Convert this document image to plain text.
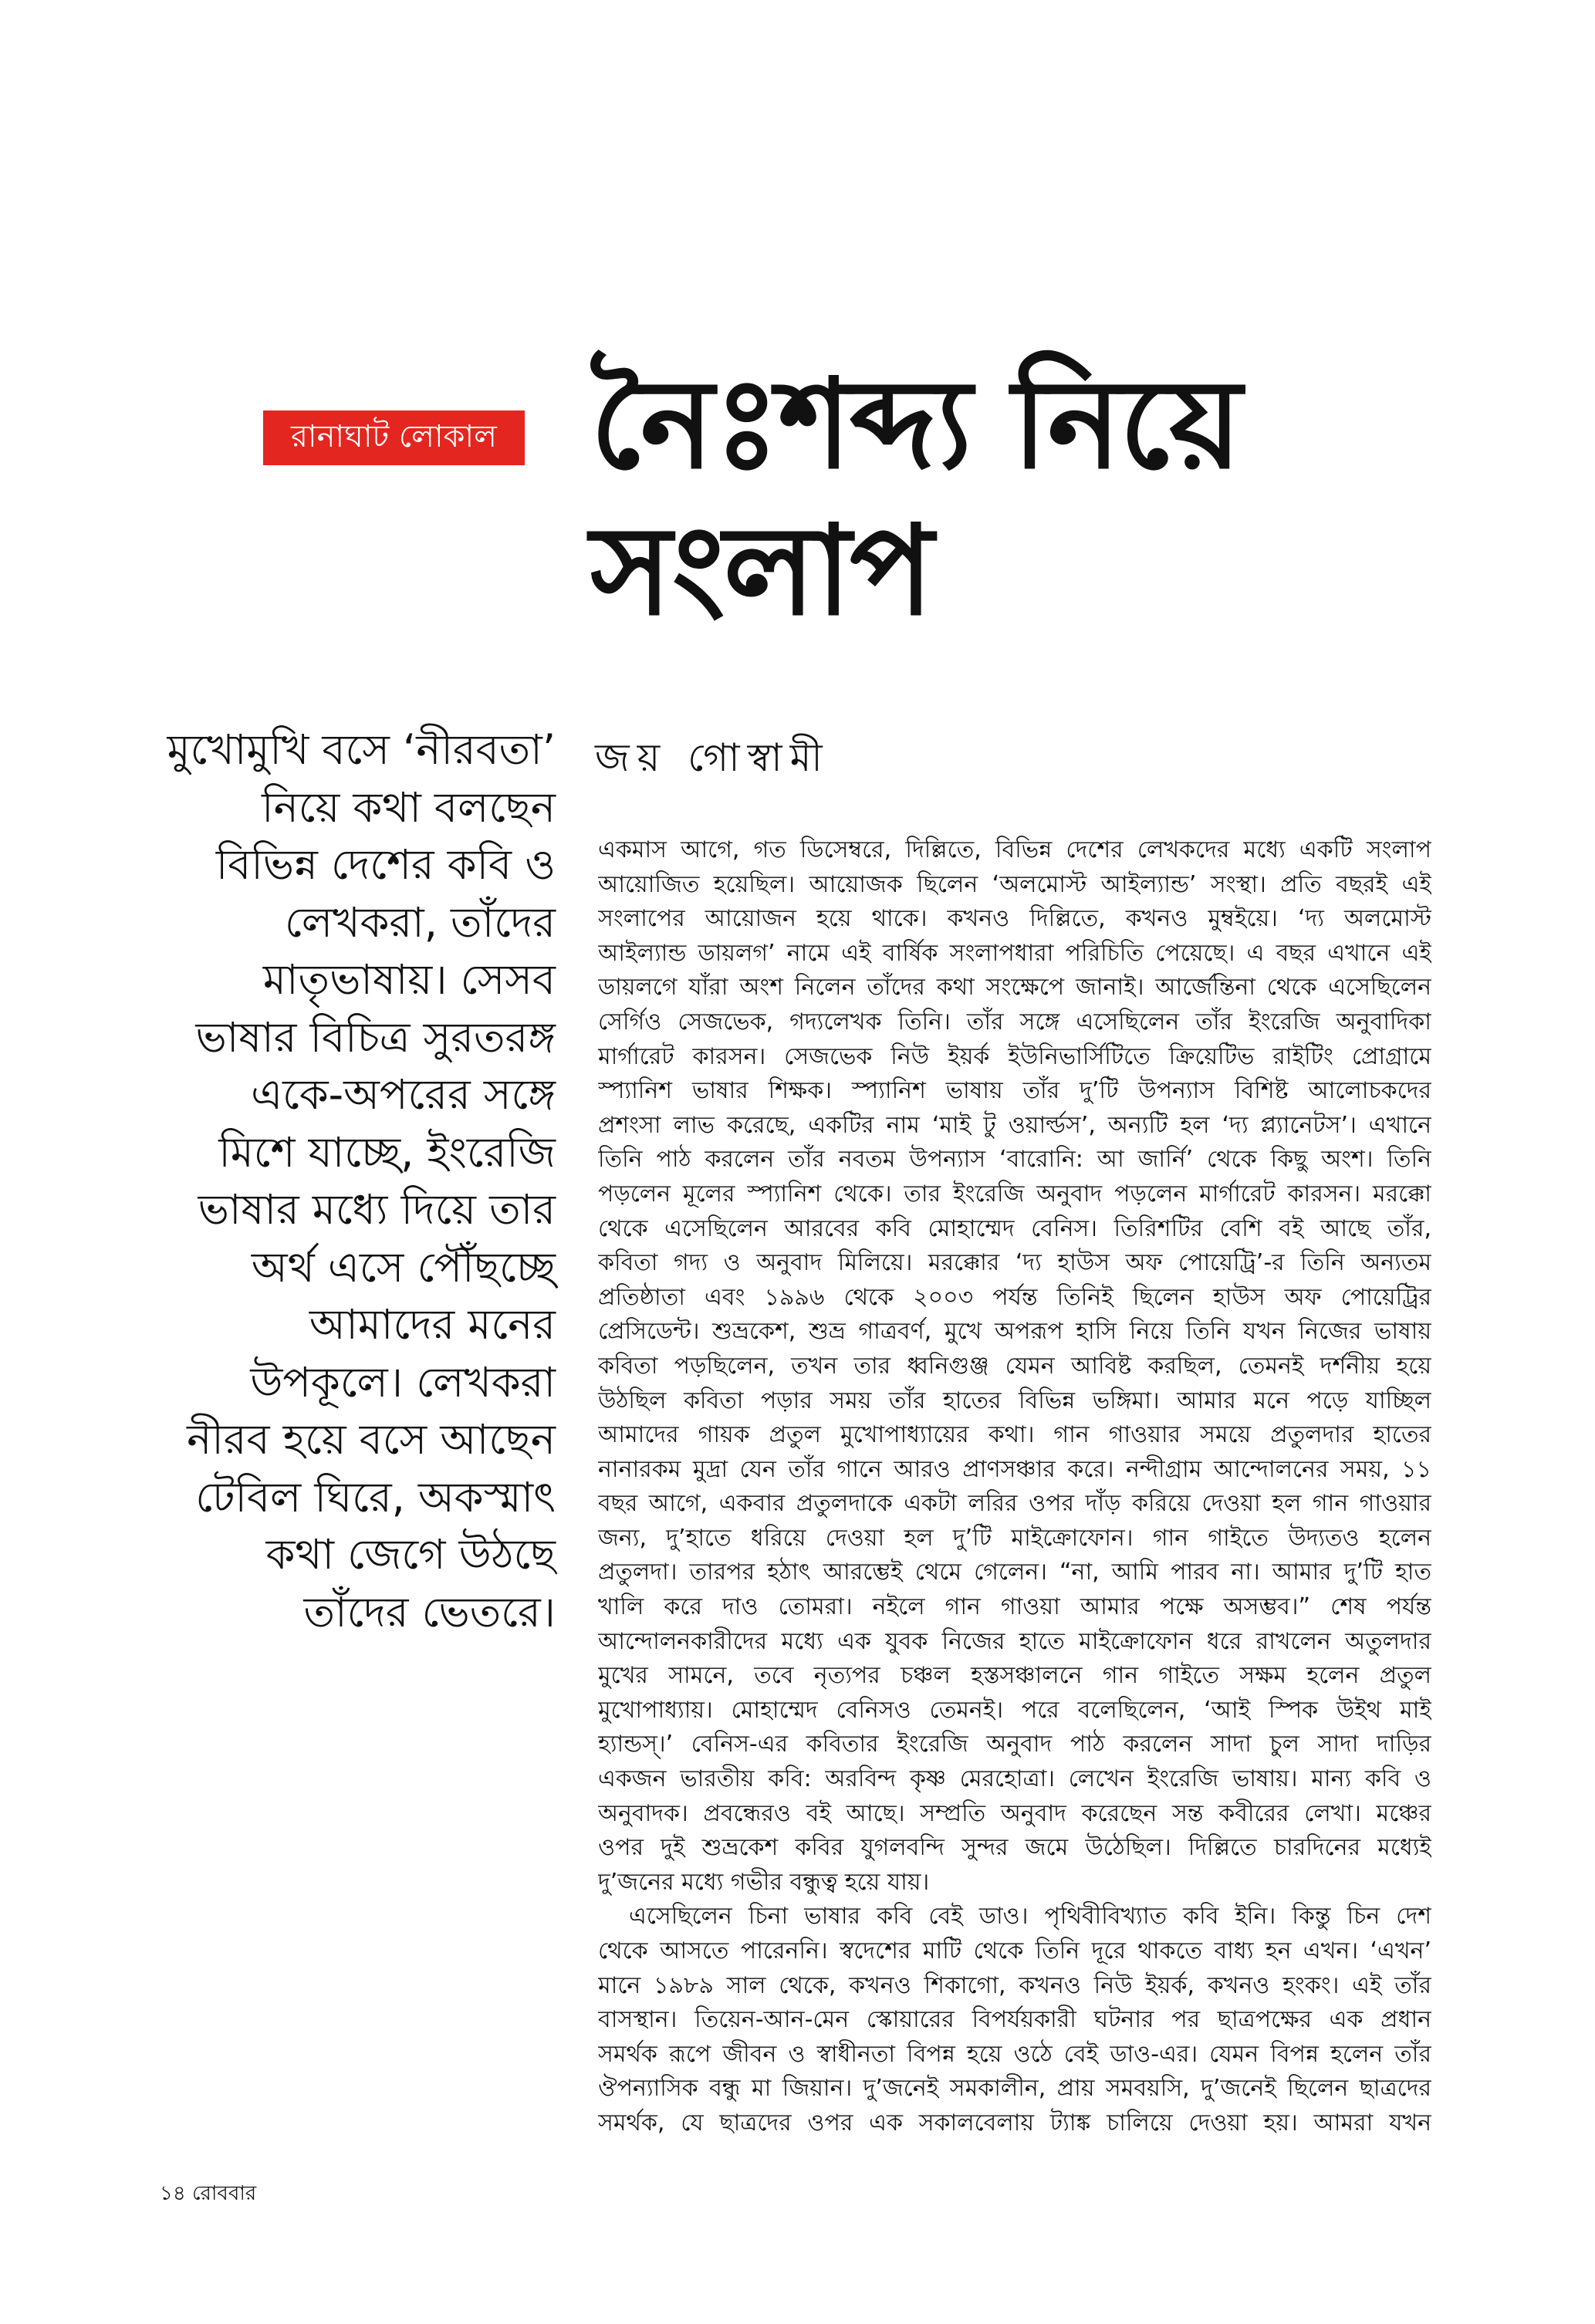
রানাঘাট লোকাল নৈঃশব্দ্য নিয়ে
সংলাপ
মুখোমুখি বসে ‘নীরবতা’
নিয়ে কথা বলছেন
বিভিন্ন দেশের কবি ও
লেখকরা, তাঁদের
মাতৃভাষায়। সেসব
ভাষার বিচিত্র সুরতরঙ্গ
একে-অপরের সঙ্গে
মিশে যাচ্ছে, ইংরেজি
ভাষার মধ্যে দিয়ে তার
অর্থ এসে পৌঁছচ্ছে
আমাদের মনের
উপকূলে। লেখকরা
নীরব হয়ে বসে আছেন
টেবিল ঘিরে, অকস্মাৎ
কথা জেগে উঠছে
তাঁদের ভেতরে।
জয় গোস্বামী
একমাস আগে, গত ডিসেম্বরে, দিল্লিতে, বিভিন্ন দেশের লেখকদের মধ্যে একটি সংলাপ
আয়োজিত হয়েছিল। আয়োজক ছিলেন ‘অলমোস্ট আইল্যান্ড’ সংস্থা। প্রতি বছরই এই
সংলাপের আয়োজন হয়ে থাকে। কখনও দিল্লিতে, কখনও মুম্বইয়ে। ‘দ্য অলমোস্ট
আইল্যান্ড ডায়লগ’ নামে এই বার্ষিক সংলাপধারা পরিচিতি পেয়েছে। এ বছর এখানে এই
ডায়লগে যাঁরা অংশ নিলেন তাঁদের কথা সংক্ষেপে জানাই। আর্জেন্তিনা থেকে এসেছিলেন
সের্গিও সেজভেক, গদ্যলেখক তিনি। তাঁর সঙ্গে এসেছিলেন তাঁর ইংরেজি অনুবাদিকা
মার্গারেট কারসন। সেজভেক নিউ ইয়র্ক ইউনিভার্সিটিতে ক্রিয়েটিভ রাইটিং প্রোগ্রামে
স্প্যানিশ ভাষার শিক্ষক। স্প্যানিশ ভাষায় তাঁর দু’টি উপন্যাস বিশিষ্ট আলোচকদের
প্রশংসা লাভ করেছে, একটির নাম ‘মাই টু ওয়ার্ল্ডস’, অন্যটি হল ‘দ্য প্ল্যানেটস’। এখানে
তিনি পাঠ করলেন তাঁর নবতম উপন্যাস ‘বারোনি: আ জার্নি’ থেকে কিছু অংশ। তিনি
পড়লেন মূলের স্প্যানিশ থেকে। তার ইংরেজি অনুবাদ পড়লেন মার্গারেট কারসন। মরক্কো
থেকে এসেছিলেন আরবের কবি মোহাম্মেদ বেনিস। তিরিশটির বেশি বই আছে তাঁর,
কবিতা গদ্য ও অনুবাদ মিলিয়ে। মরক্কোর ‘দ্য হাউস অফ পোয়েট্রি’-র তিনি অন্যতম
প্রতিষ্ঠাতা এবং ১৯৯৬ থেকে ২০০৩ পর্যন্ত তিনিই ছিলেন হাউস অফ পোয়েট্রির
প্রেসিডেন্ট। শুভ্রকেশ, শুভ্র গাত্রবর্ণ, মুখে অপরূপ হাসি নিয়ে তিনি যখন নিজের ভাষায়
কবিতা পড়ছিলেন, তখন তার ধ্বনিগুঞ্জ যেমন আবিষ্ট করছিল, তেমনই দর্শনীয় হয়ে
উঠছিল কবিতা পড়ার সময় তাঁর হাতের বিভিন্ন ভঙ্গিমা। আমার মনে পড়ে যাচ্ছিল
আমাদের গায়ক প্রতুল মুখোপাধ্যায়ের কথা। গান গাওয়ার সময়ে প্রতুলদার হাতের
নানারকম মুদ্রা যেন তাঁর গানে আরও প্রাণসঞ্চার করে। নন্দীগ্রাম আন্দোলনের সময়, ১১
বছর আগে, একবার প্রতুলদাকে একটা লরির ওপর দাঁড় করিয়ে দেওয়া হল গান গাওয়ার
জন্য, দু’হাতে ধরিয়ে দেওয়া হল দু’টি মাইক্রোফোন। গান গাইতে উদ্যতও হলেন
প্রতুলদা। তারপর হঠাৎ আরম্ভেই থেমে গেলেন। “না, আমি পারব না। আমার দু’টি হাত
খালি করে দাও তোমরা। নইলে গান গাওয়া আমার পক্ষে অসম্ভব।” শেষ পর্যন্ত
আন্দোলনকারীদের মধ্যে এক যুবক নিজের হাতে মাইক্রোফোন ধরে রাখলেন অতুলদার
মুখের সামনে, তবে নৃত্যপর চঞ্চল হস্তসঞ্চালনে গান গাইতে সক্ষম হলেন প্রতুল
মুখোপাধ্যায়। মোহাম্মেদ বেনিসও তেমনই। পরে বলেছিলেন, ‘আই স্পিক উইথ মাই
হ্যান্ডস্।’ বেনিস-এর কবিতার ইংরেজি অনুবাদ পাঠ করলেন সাদা চুল সাদা দাড়ির
একজন ভারতীয় কবি: অরবিন্দ কৃষ্ণ মেরহোত্রা। লেখেন ইংরেজি ভাষায়। মান্য কবি ও
অনুবাদক। প্রবন্ধেরও বই আছে। সম্প্রতি অনুবাদ করেছেন সন্ত কবীরের লেখা। মঞ্চের
ওপর দুই শুভ্রকেশ কবির যুগলবন্দি সুন্দর জমে উঠেছিল। দিল্লিতে চারদিনের মধ্যেই
দু’জনের মধ্যে গভীর বন্ধুত্ব হয়ে যায়।
এসেছিলেন চিনা ভাষার কবি বেই ডাও। পৃথিবীবিখ্যাত কবি ইনি। কিন্তু চিন দেশ
থেকে আসতে পারেননি। স্বদেশের মাটি থেকে তিনি দূরে থাকতে বাধ্য হন এখন। ‘এখন’
মানে ১৯৮৯ সাল থেকে, কখনও শিকাগো, কখনও নিউ ইয়র্ক, কখনও হংকং। এই তাঁর
বাসস্থান। তিয়েন-আন-মেন স্কোয়ারের বিপর্যয়কারী ঘটনার পর ছাত্রপক্ষের এক প্রধান
সমর্থক রূপে জীবন ও স্বাধীনতা বিপন্ন হয়ে ওঠে বেই ডাও-এর। যেমন বিপন্ন হলেন তাঁর
ঔপন্যাসিক বন্ধু মা জিয়ান। দু’জনেই সমকালীন, প্রায় সমবয়সি, দু’জনেই ছিলেন ছাত্রদের
সমর্থক, যে ছাত্রদের ওপর এক সকালবেলায় ট্যাঙ্ক চালিয়ে দেওয়া হয়। আমরা যখন
১৪ রোববার
